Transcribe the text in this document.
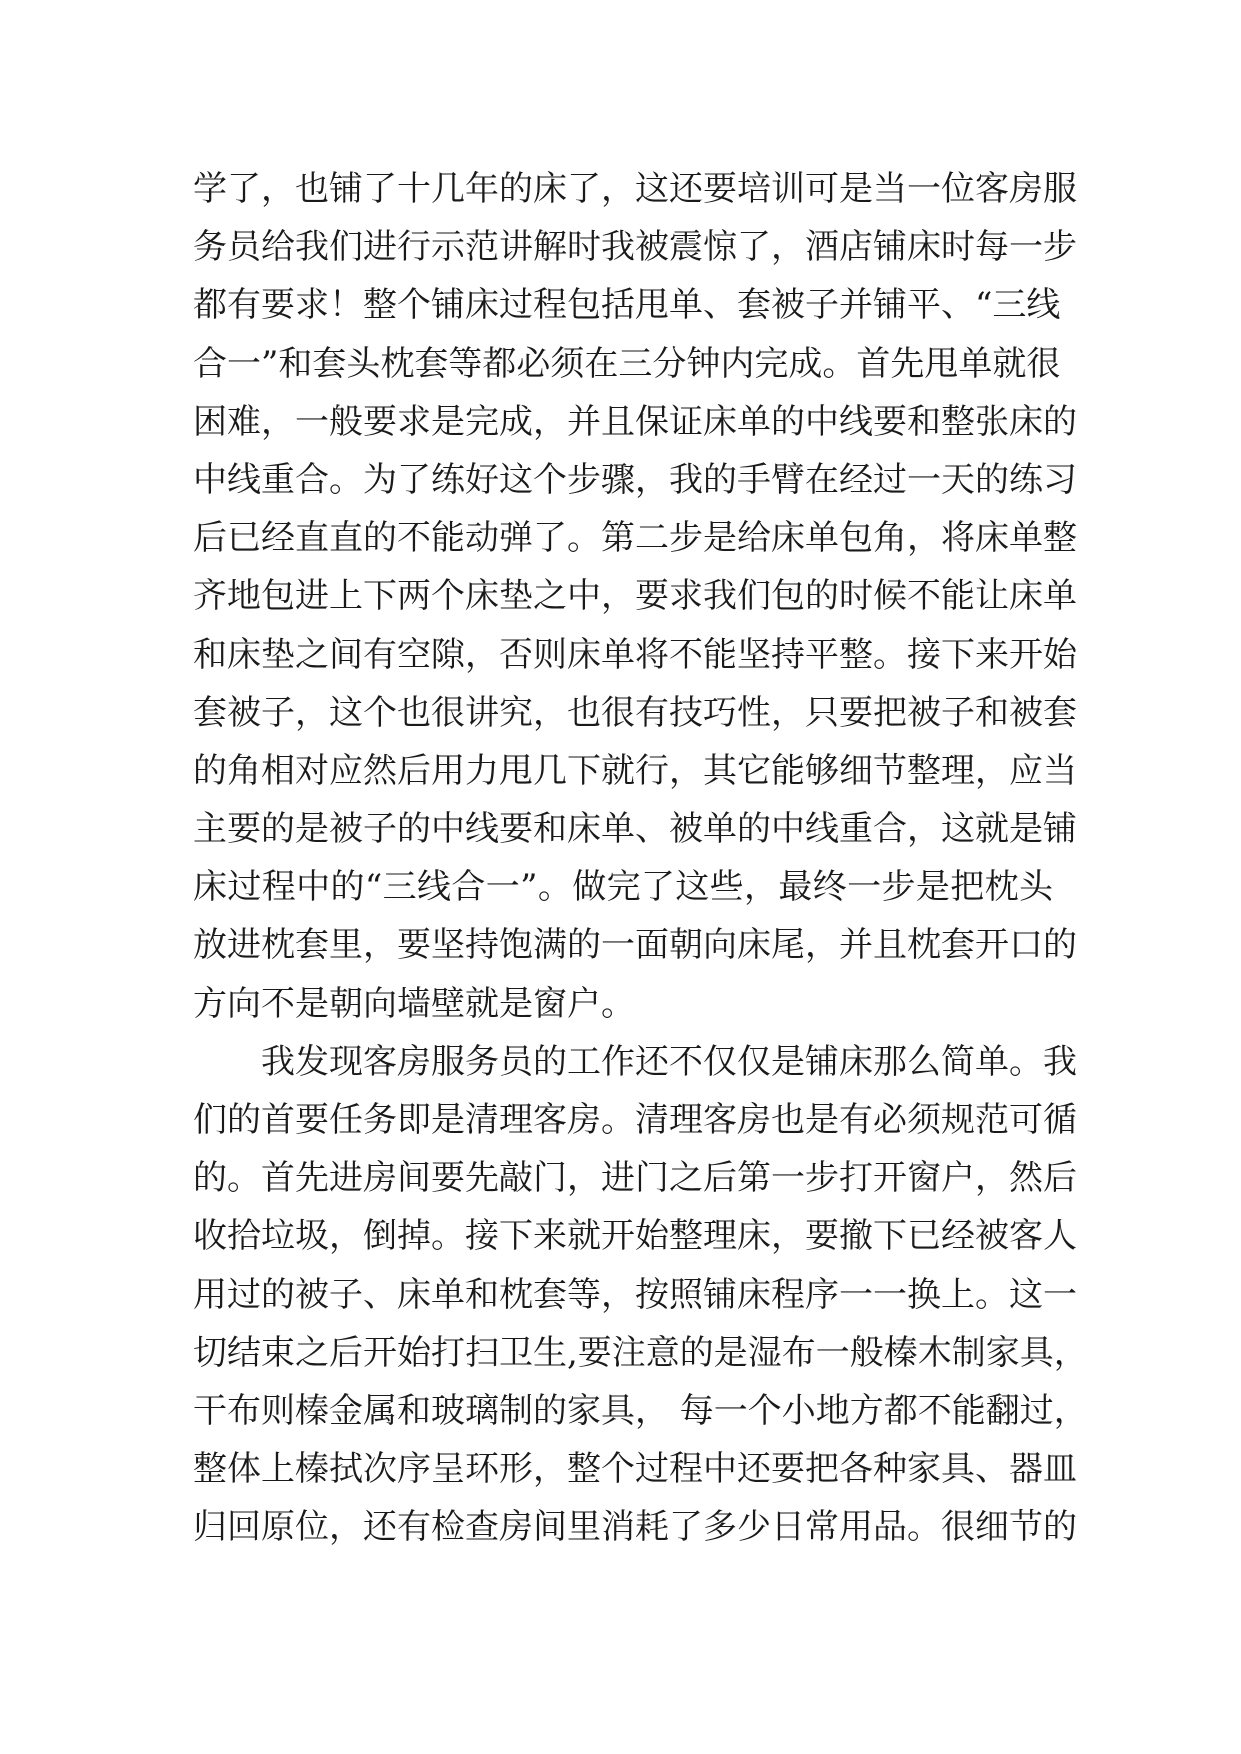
学了，也铺了十几年的床了，这还要培训可是当一位客房服
务员给我们进行示范讲解时我被震惊了，酒店铺床时每一步
都有要求！整个铺床过程包括甩单、套被子并铺平、“三线
合一”和套头枕套等都必须在三分钟内完成。首先甩单就很
困难，一般要求是完成，并且保证床单的中线要和整张床的
中线重合。为了练好这个步骤，我的手臂在经过一天的练习
后已经直直的不能动弹了。第二步是给床单包角，将床单整
齐地包进上下两个床垫之中，要求我们包的时候不能让床单
和床垫之间有空隙，否则床单将不能坚持平整。接下来开始
套被子，这个也很讲究，也很有技巧性，只要把被子和被套
的角相对应然后用力甩几下就行，其它能够细节整理，应当
主要的是被子的中线要和床单、被单的中线重合，这就是铺
床过程中的“三线合一”。做完了这些，最终一步是把枕头
放进枕套里，要坚持饱满的一面朝向床尾，并且枕套开口的
方向不是朝向墙壁就是窗户。
我发现客房服务员的工作还不仅仅是铺床那么简单。我
们的首要任务即是清理客房。清理客房也是有必须规范可循
的。首先进房间要先敲门，进门之后第一步打开窗户，然后
收拾垃圾，倒掉。接下来就开始整理床，要撤下已经被客人
用过的被子、床单和枕套等，按照铺床程序一一换上。这一
切结束之后开始打扫卫生,要注意的是湿布一般榛木制家具，
干布则榛金属和玻璃制的家具， 每一个小地方都不能翻过，
整体上榛拭次序呈环形，整个过程中还要把各种家具、器皿
归回原位，还有检查房间里消耗了多少日常用品。很细节的
